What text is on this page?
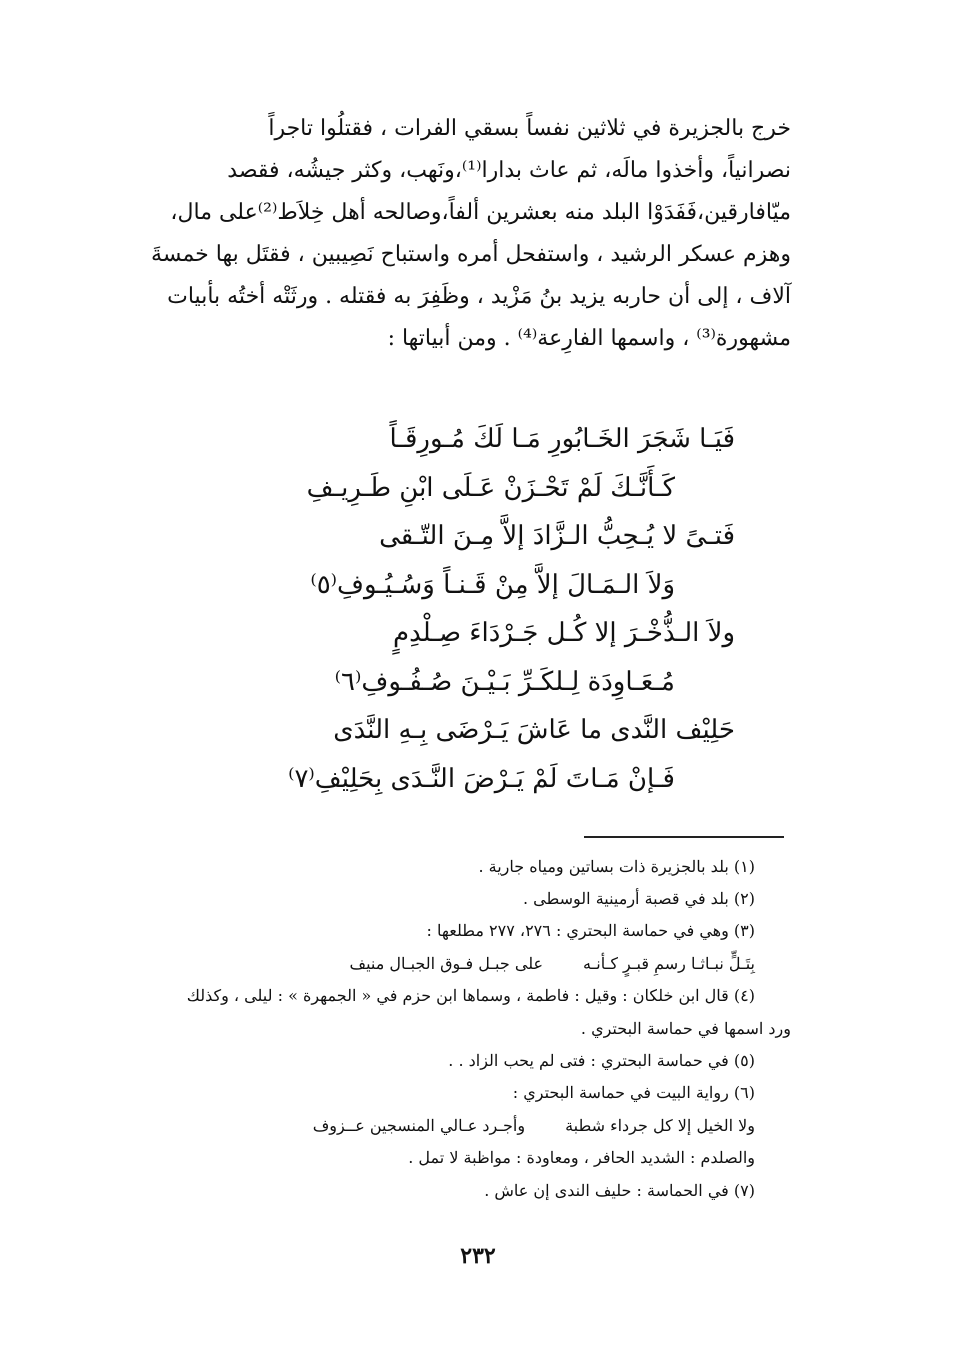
خرج بالجزيرة في ثلاثين نفساً بسقي الفرات ، فقتلُوا تاجراً
نصرانياً، وأخذوا مالَه، ثم عاث بدارا⁽¹⁾،ونَهب، وكثر جيشُه، فقصد
ميّافارقين،فَفَدَوْا البلد منه بعشرين ألفاً،وصالحه أهل خِلاَط⁽²⁾على مال،
وهزم عسكر الرشيد ، واستفحل أمره واستباح نَصِيبين ، فقتَل بها خمسةَ
آلاف ، إلى أن حاربه يزيد بنُ مَزْيد ، وظَفِرَ به فقتله . ورثَتْه أختُه بأبيات
مشهورة⁽³⁾ ، واسمها الفارِعة⁽⁴⁾ . ومن أبياتها :
فَيَـا شَجَرَ الخَـابُورِ مَـا لَكَ مُـورِقَـاً
كَـأَنَّـكَ لَمْ تَحْـزَنْ عَـلَى ابْنِ طَـرِيـفِ
فَتـىً لا يُـحِبُّ الـزَّادَ إلاَّ مِـنَ التّـقى
وَلاَ الـمَـالَ إلاَّ مِنْ قَـنـاً وَسُـيُـوفِ⁽٥⁾
ولاَ الـذُّخْـرَ إلا كُـل جَـرْدَاءَ صِـلْدِمٍ
مُـعَـاوِدَة لِـلكَـرِّ بَـيْـنَ صُـفُـوفِ⁽٦⁾
حَلِيْف النَّدى ما عَاشَ يَـرْضَى بِـهِ النَّدَى
فَـإنْ مَـاتَ لَمْ يَـرْضَ النَّـدَى بِحَلِيْفِ⁽٧⁾
(١) بلد بالجزيرة ذات بساتين ومياه جارية .
(٢) بلد في قصبة أرمينية الوسطى .
(٣) وهي في حماسة البحتري : ٢٧٦، ٢٧٧ مطلعها :
بِتَـلٍّ نبـاثـا رسمِ قبـرٍ كـأنـه
على جبـل فـوق الجبـال منيف
(٤) قال ابن خلكان : وقيل : فاطمة ، وسماها ابن حزم في « الجمهرة » : ليلى ، وكذلك
ورد اسمها في حماسة البحتري .
(٥) في حماسة البحتري : فتى لم يحب الزاد . .
(٦) رواية البيت في حماسة البحتري :
ولا الخيل إلا كل جرداء شطبة
وأجـرد عـالي المنسجين عــزوف
والصلدم : الشديد الحافر ، ومعاودة : مواظبة لا تمل .
(٧) في الحماسة : حليف الندى إن عاش .
٢٣٢
